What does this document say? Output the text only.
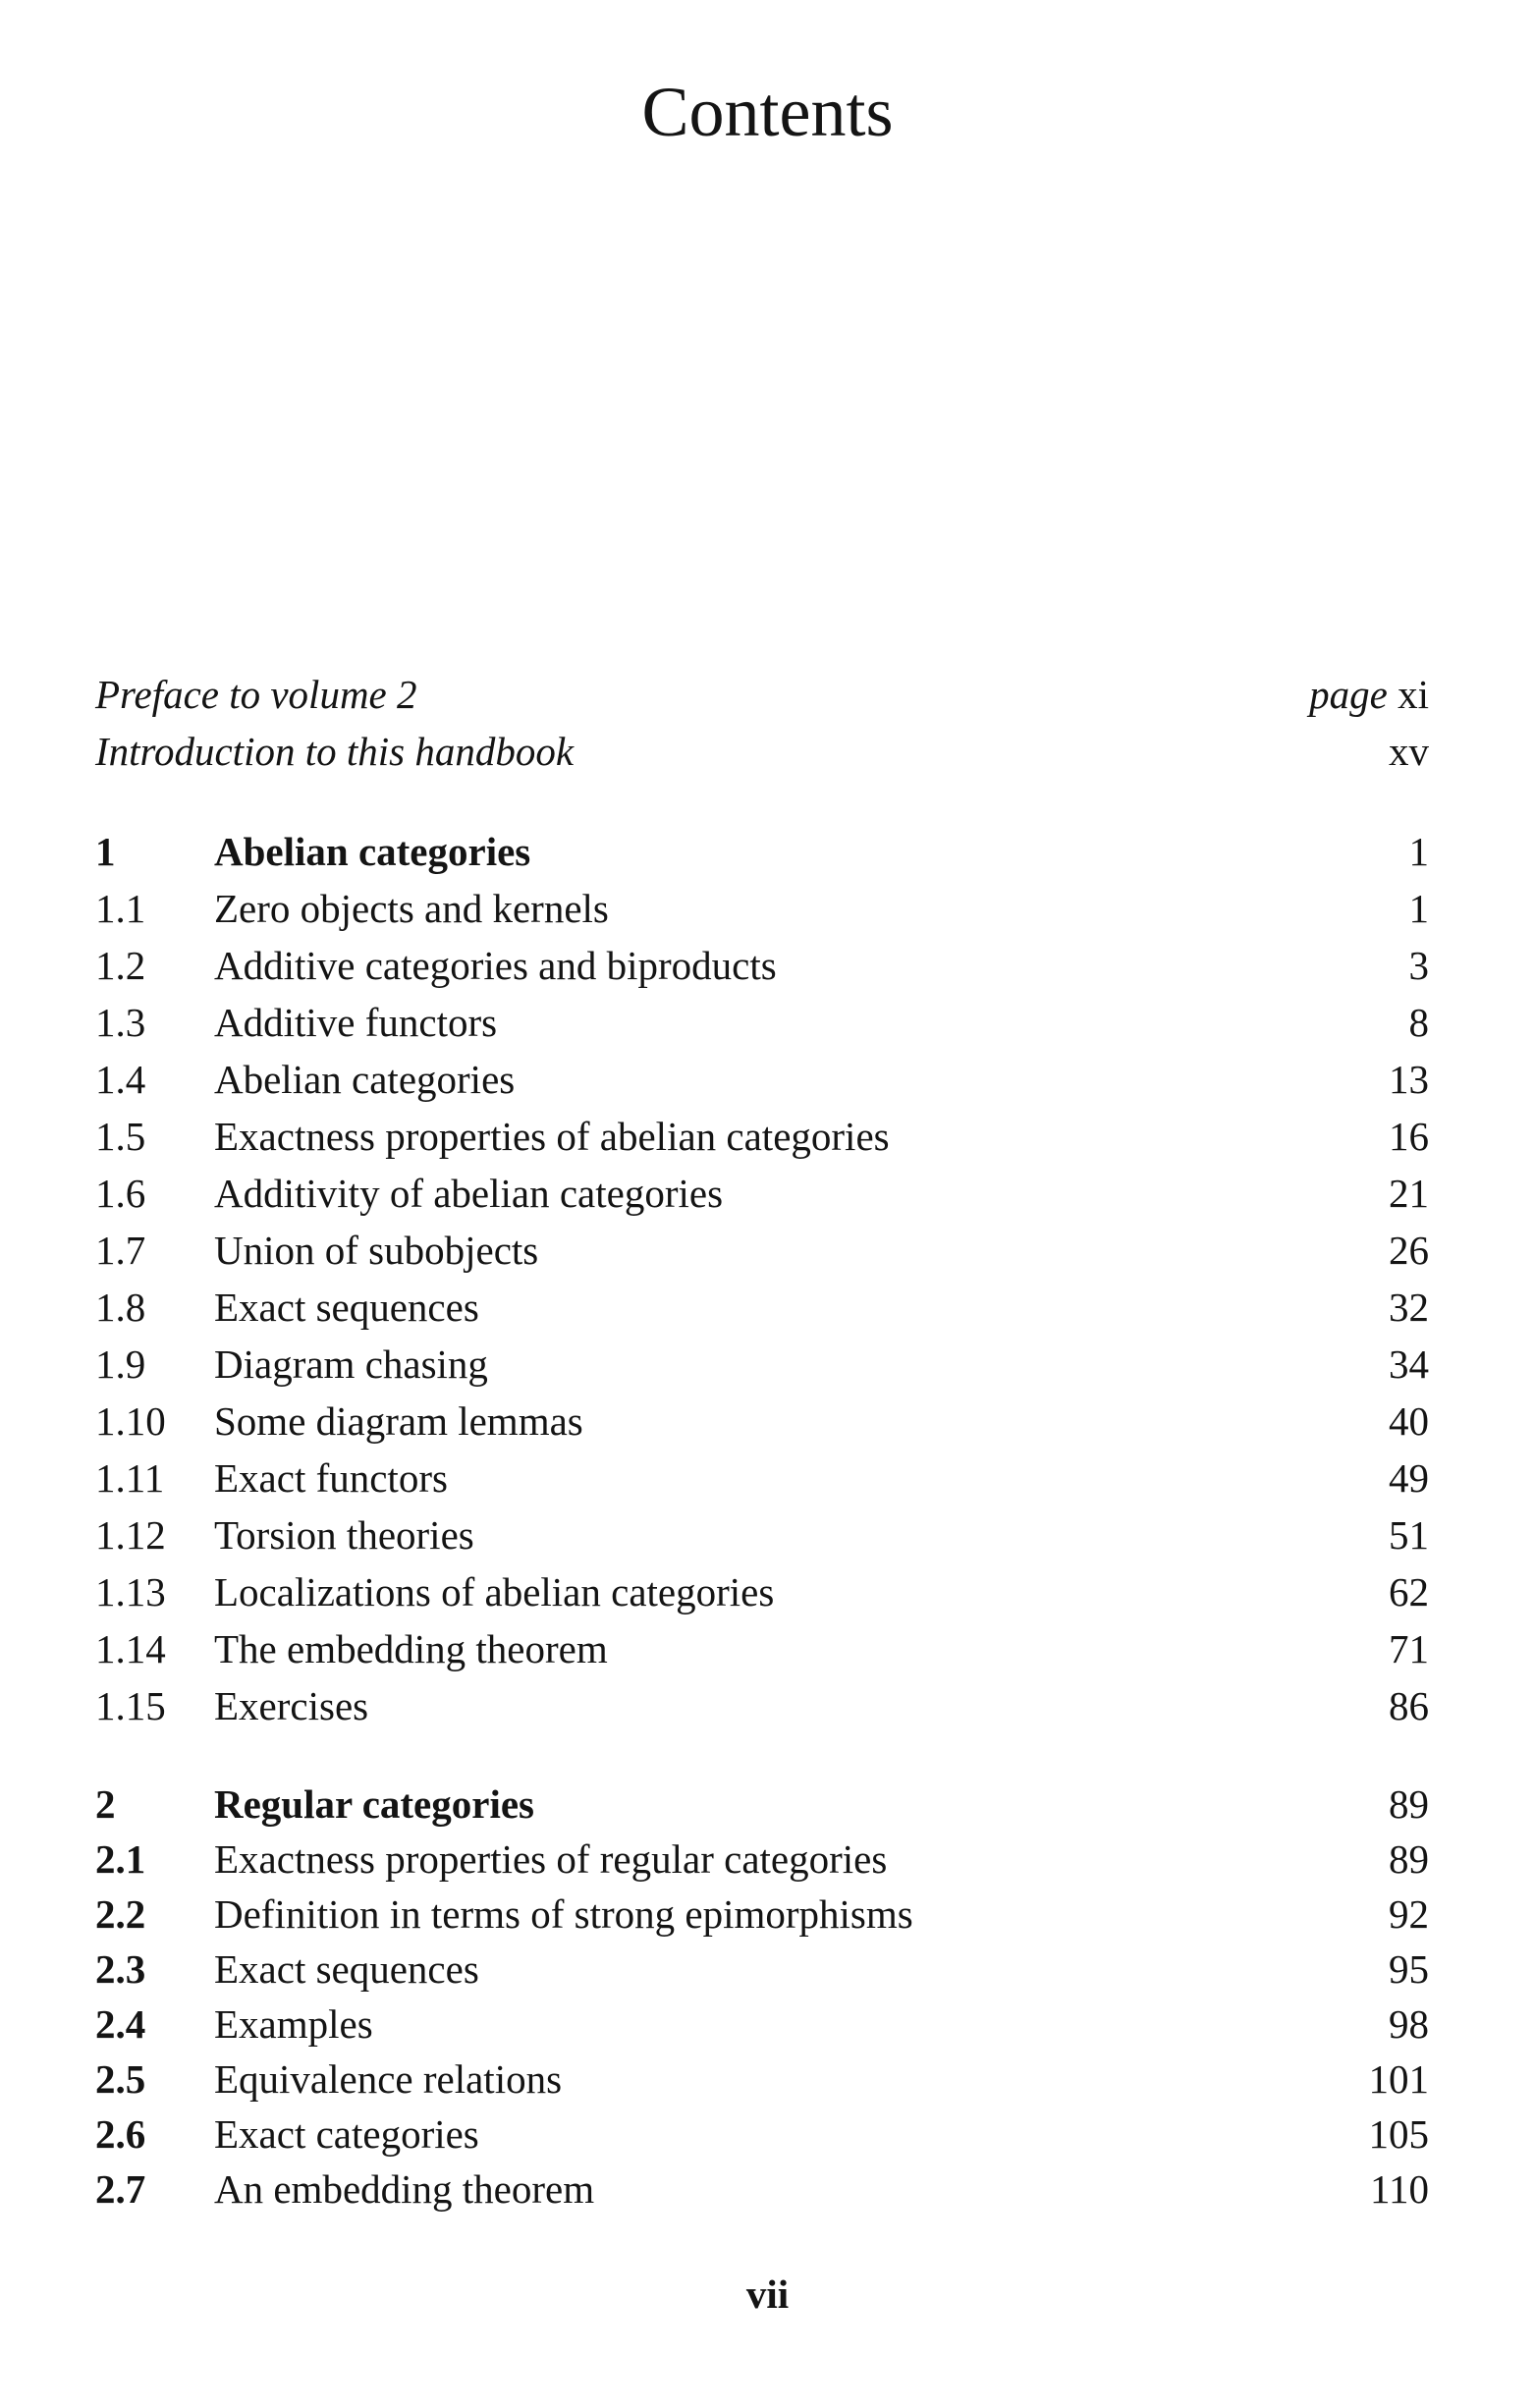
Contents
Preface to volume 2	page xi
Introduction to this handbook	xv
1 Abelian categories	1
1.1 Zero objects and kernels	1
1.2 Additive categories and biproducts	3
1.3 Additive functors	8
1.4 Abelian categories	13
1.5 Exactness properties of abelian categories	16
1.6 Additivity of abelian categories	21
1.7 Union of subobjects	26
1.8 Exact sequences	32
1.9 Diagram chasing	34
1.10 Some diagram lemmas	40
1.11 Exact functors	49
1.12 Torsion theories	51
1.13 Localizations of abelian categories	62
1.14 The embedding theorem	71
1.15 Exercises	86
2 Regular categories	89
2.1 Exactness properties of regular categories	89
2.2 Definition in terms of strong epimorphisms	92
2.3 Exact sequences	95
2.4 Examples	98
2.5 Equivalence relations	101
2.6 Exact categories	105
2.7 An embedding theorem	110
vii
